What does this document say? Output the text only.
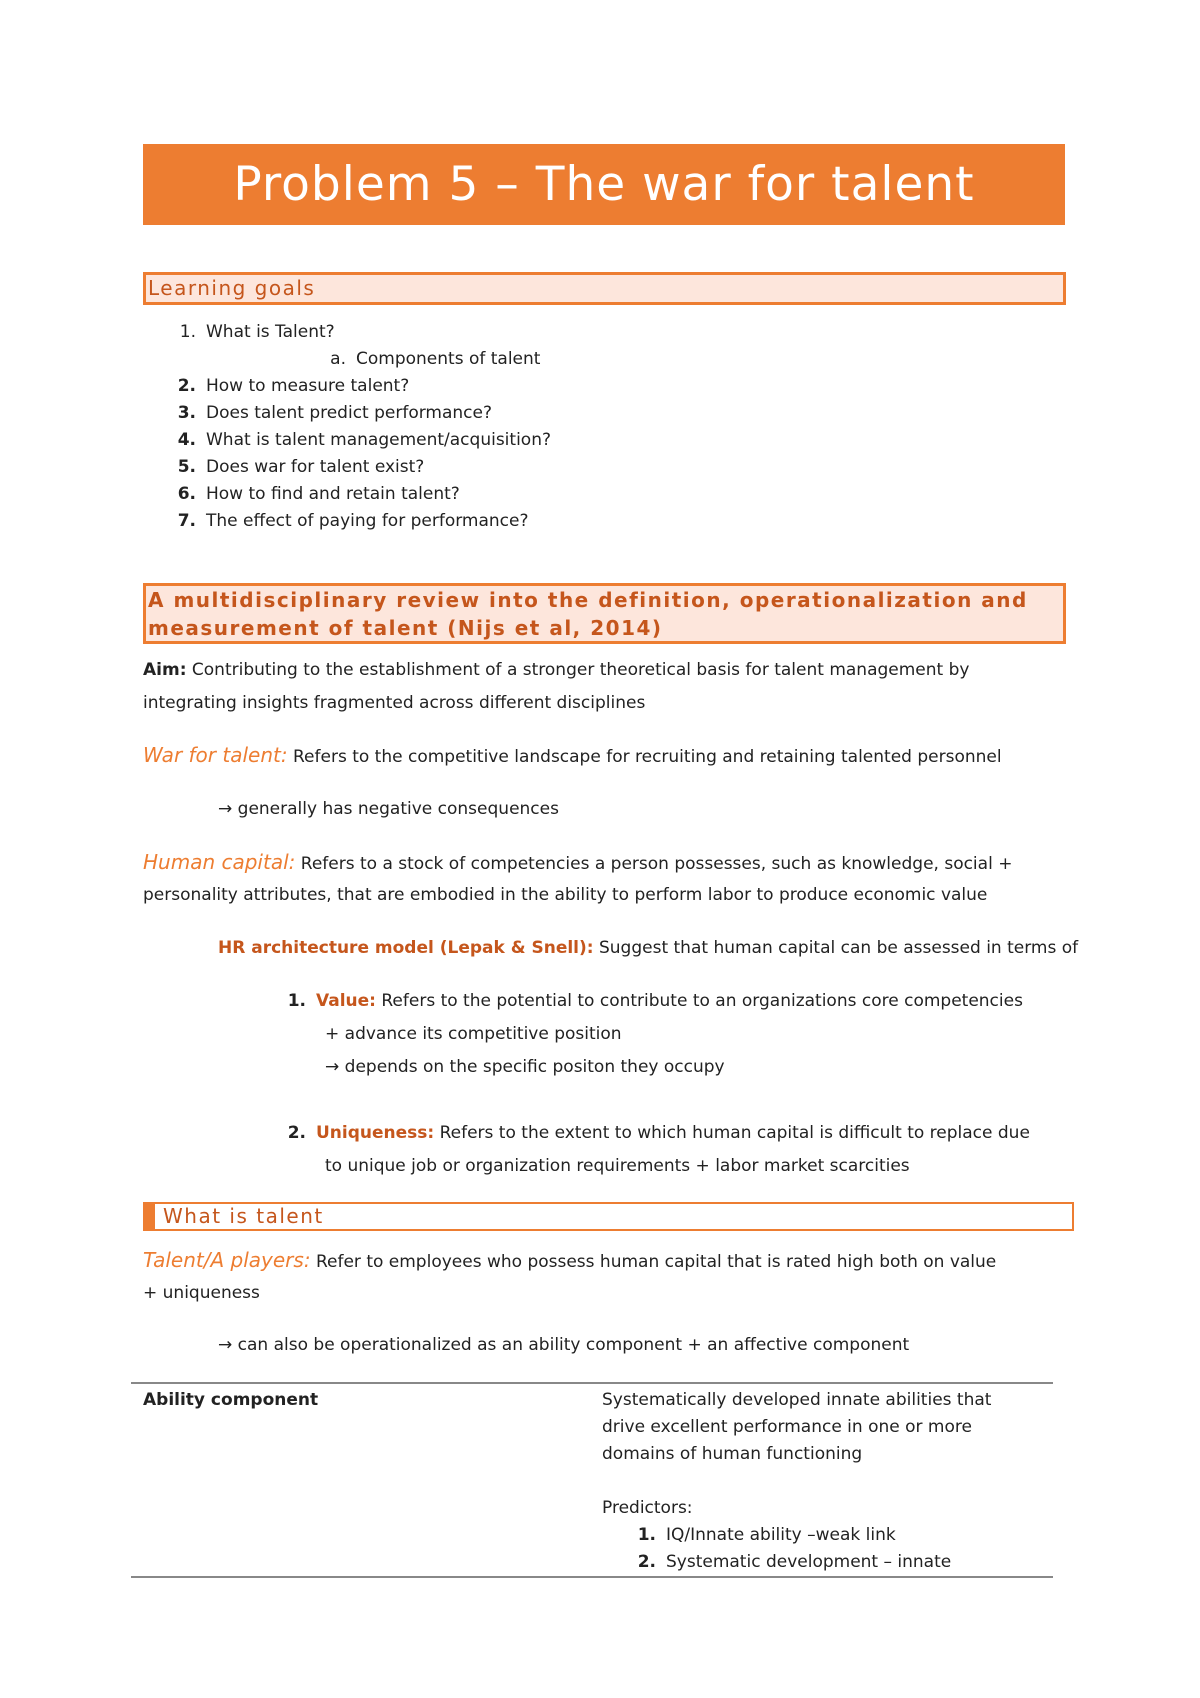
Problem 5 – The war for talent
Learning goals
1. What is Talent?
a. Components of talent
2. How to measure talent?
3. Does talent predict performance?
4. What is talent management/acquisition?
5. Does war for talent exist?
6. How to find and retain talent?
7. The effect of paying for performance?
A multidisciplinary review into the definition, operationalization and
measurement of talent (Nijs et al, 2014)
Aim: Contributing to the establishment of a stronger theoretical basis for talent management by
integrating insights fragmented across different disciplines
War for talent: Refers to the competitive landscape for recruiting and retaining talented personnel
→ generally has negative consequences
Human capital: Refers to a stock of competencies a person possesses, such as knowledge, social +
personality attributes, that are embodied in the ability to perform labor to produce economic value
HR architecture model (Lepak & Snell): Suggest that human capital can be assessed in terms of
1. Value: Refers to the potential to contribute to an organizations core competencies
+ advance its competitive position
→ depends on the specific positon they occupy
2. Uniqueness: Refers to the extent to which human capital is difficult to replace due
to unique job or organization requirements + labor market scarcities
What is talent
Talent/A players: Refer to employees who possess human capital that is rated high both on value
+ uniqueness
→ can also be operationalized as an ability component + an affective component
Ability component	Systematically developed innate abilities that
drive excellent performance in one or more
domains of human functioning
Predictors:
1. IQ/Innate ability –weak link
2. Systematic development – innate
